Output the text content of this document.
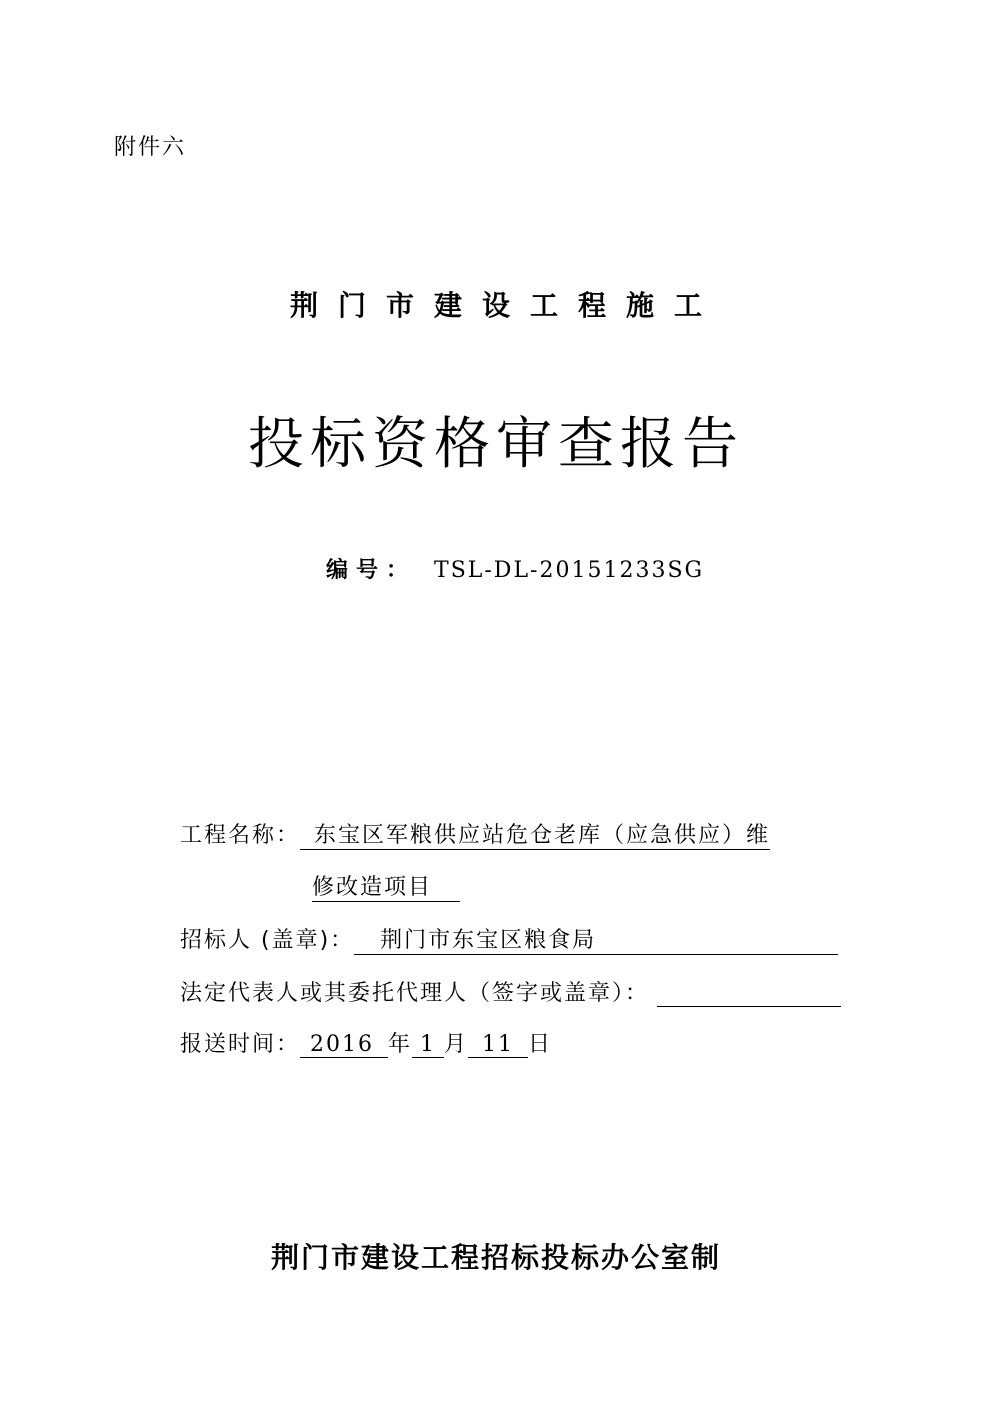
附件六
荆门市建设工程施工
投标资格审查报告
编号： TSL-DL-20151233SG
工程名称： 东宝区军粮供应站危仓老库（应急供应）维
修改造项目
招标人 (盖章)： 荆门市东宝区粮食局
法定代表人或其委托代理人（签字或盖章）：
报送时间： 2016 年 1 月 11 日
荆门市建设工程招标投标办公室制
